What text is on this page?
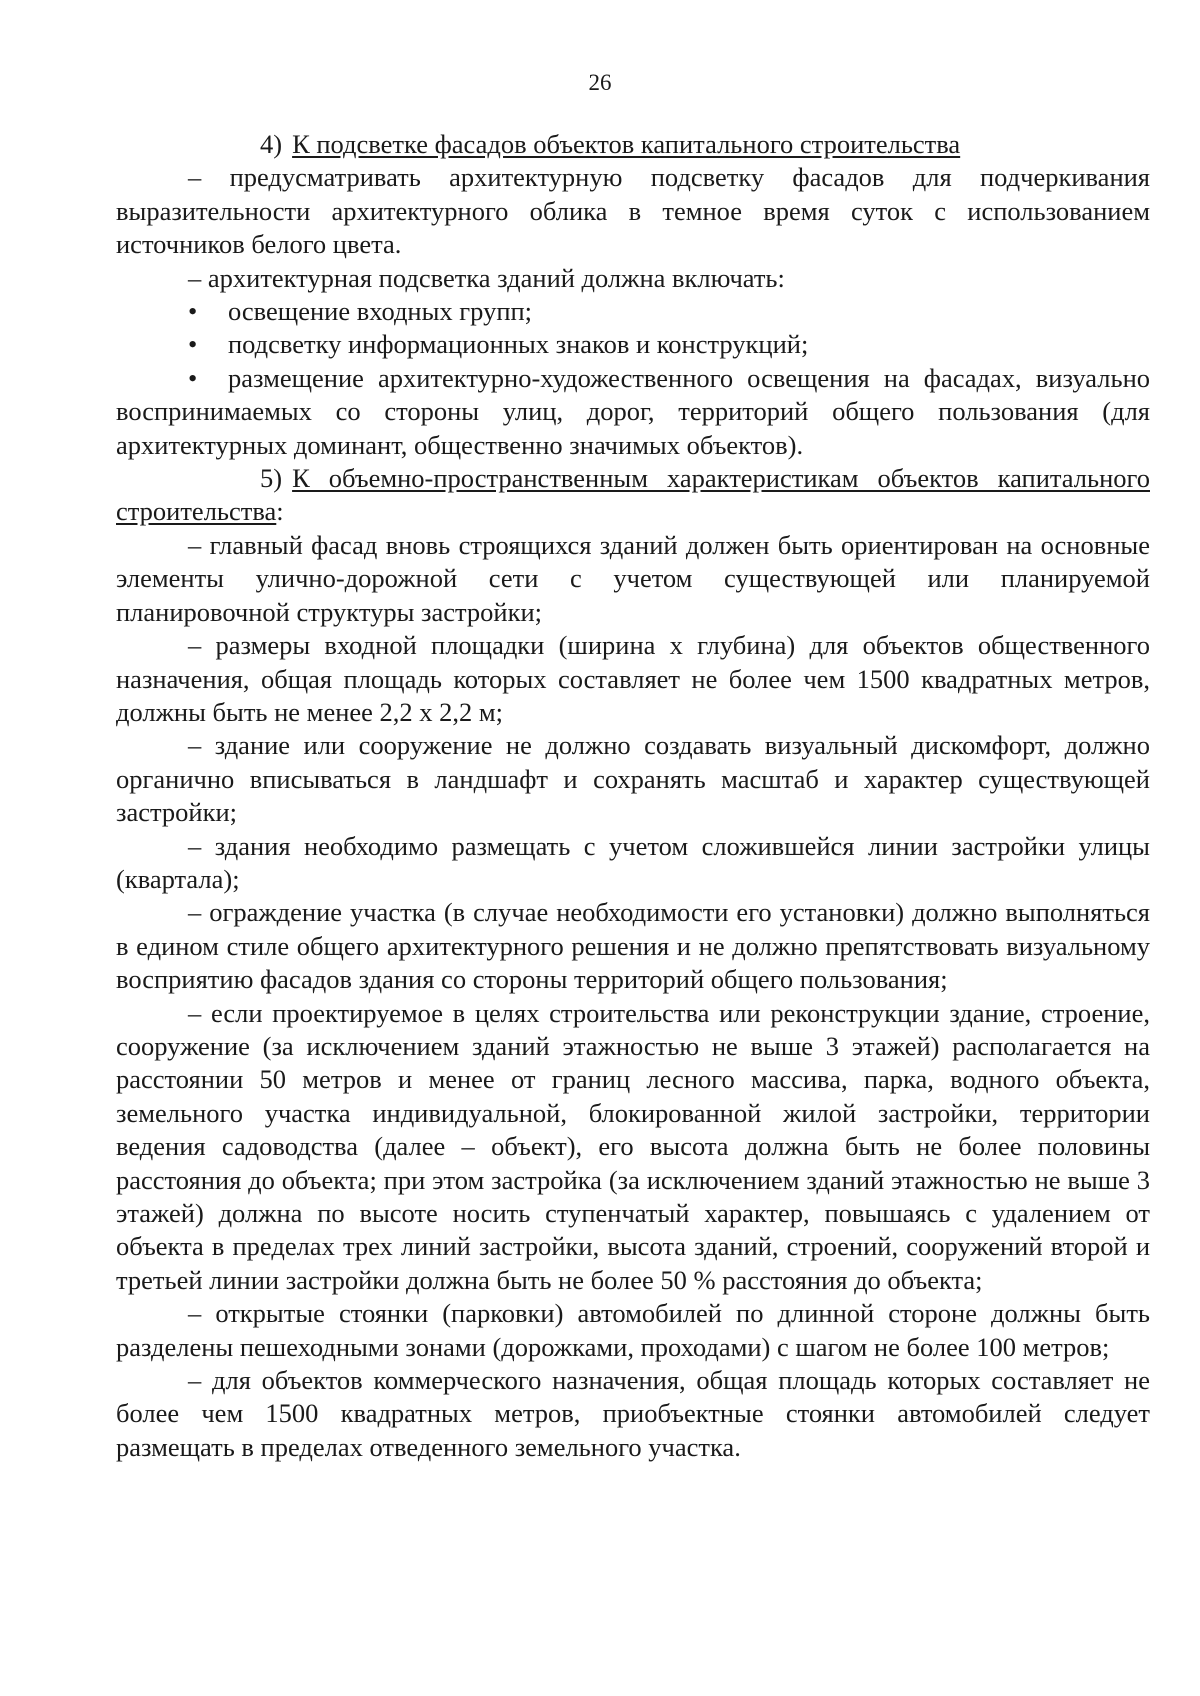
26

4) К подсветке фасадов объектов капитального строительства

– предусматривать архитектурную подсветку фасадов для подчеркивания выразительности архитектурного облика в темное время суток с использованием источников белого цвета.

– архитектурная подсветка зданий должна включать:

• освещение входных групп;

• подсветку информационных знаков и конструкций;

• размещение архитектурно-художественного освещения на фасадах, визуально воспринимаемых со стороны улиц, дорог, территорий общего пользования (для архитектурных доминант, общественно значимых объектов).

5) К объемно-пространственным характеристикам объектов капитального строительства:

– главный фасад вновь строящихся зданий должен быть ориентирован на основные элементы улично-дорожной сети с учетом существующей или планируемой планировочной структуры застройки;

– размеры входной площадки (ширина х глубина) для объектов общественного назначения, общая площадь которых составляет не более чем 1500 квадратных метров, должны быть не менее 2,2 х 2,2 м;

– здание или сооружение не должно создавать визуальный дискомфорт, должно органично вписываться в ландшафт и сохранять масштаб и характер существующей застройки;

– здания необходимо размещать с учетом сложившейся линии застройки улицы (квартала);

– ограждение участка (в случае необходимости его установки) должно выполняться в едином стиле общего архитектурного решения и не должно препятствовать визуальному восприятию фасадов здания со стороны территорий общего пользования;

– если проектируемое в целях строительства или реконструкции здание, строение, сооружение (за исключением зданий этажностью не выше 3 этажей) располагается на расстоянии 50 метров и менее от границ лесного массива, парка, водного объекта, земельного участка индивидуальной, блокированной жилой застройки, территории ведения садоводства (далее – объект), его высота должна быть не более половины расстояния до объекта; при этом застройка (за исключением зданий этажностью не выше 3 этажей) должна по высоте носить ступенчатый характер, повышаясь с удалением от объекта в пределах трех линий застройки, высота зданий, строений, сооружений второй и третьей линии застройки должна быть не более 50 % расстояния до объекта;

– открытые стоянки (парковки) автомобилей по длинной стороне должны быть разделены пешеходными зонами (дорожками, проходами) с шагом не более 100 метров;

– для объектов коммерческого назначения, общая площадь которых составляет не более чем 1500 квадратных метров, приобъектные стоянки автомобилей следует размещать в пределах отведенного земельного участка.
